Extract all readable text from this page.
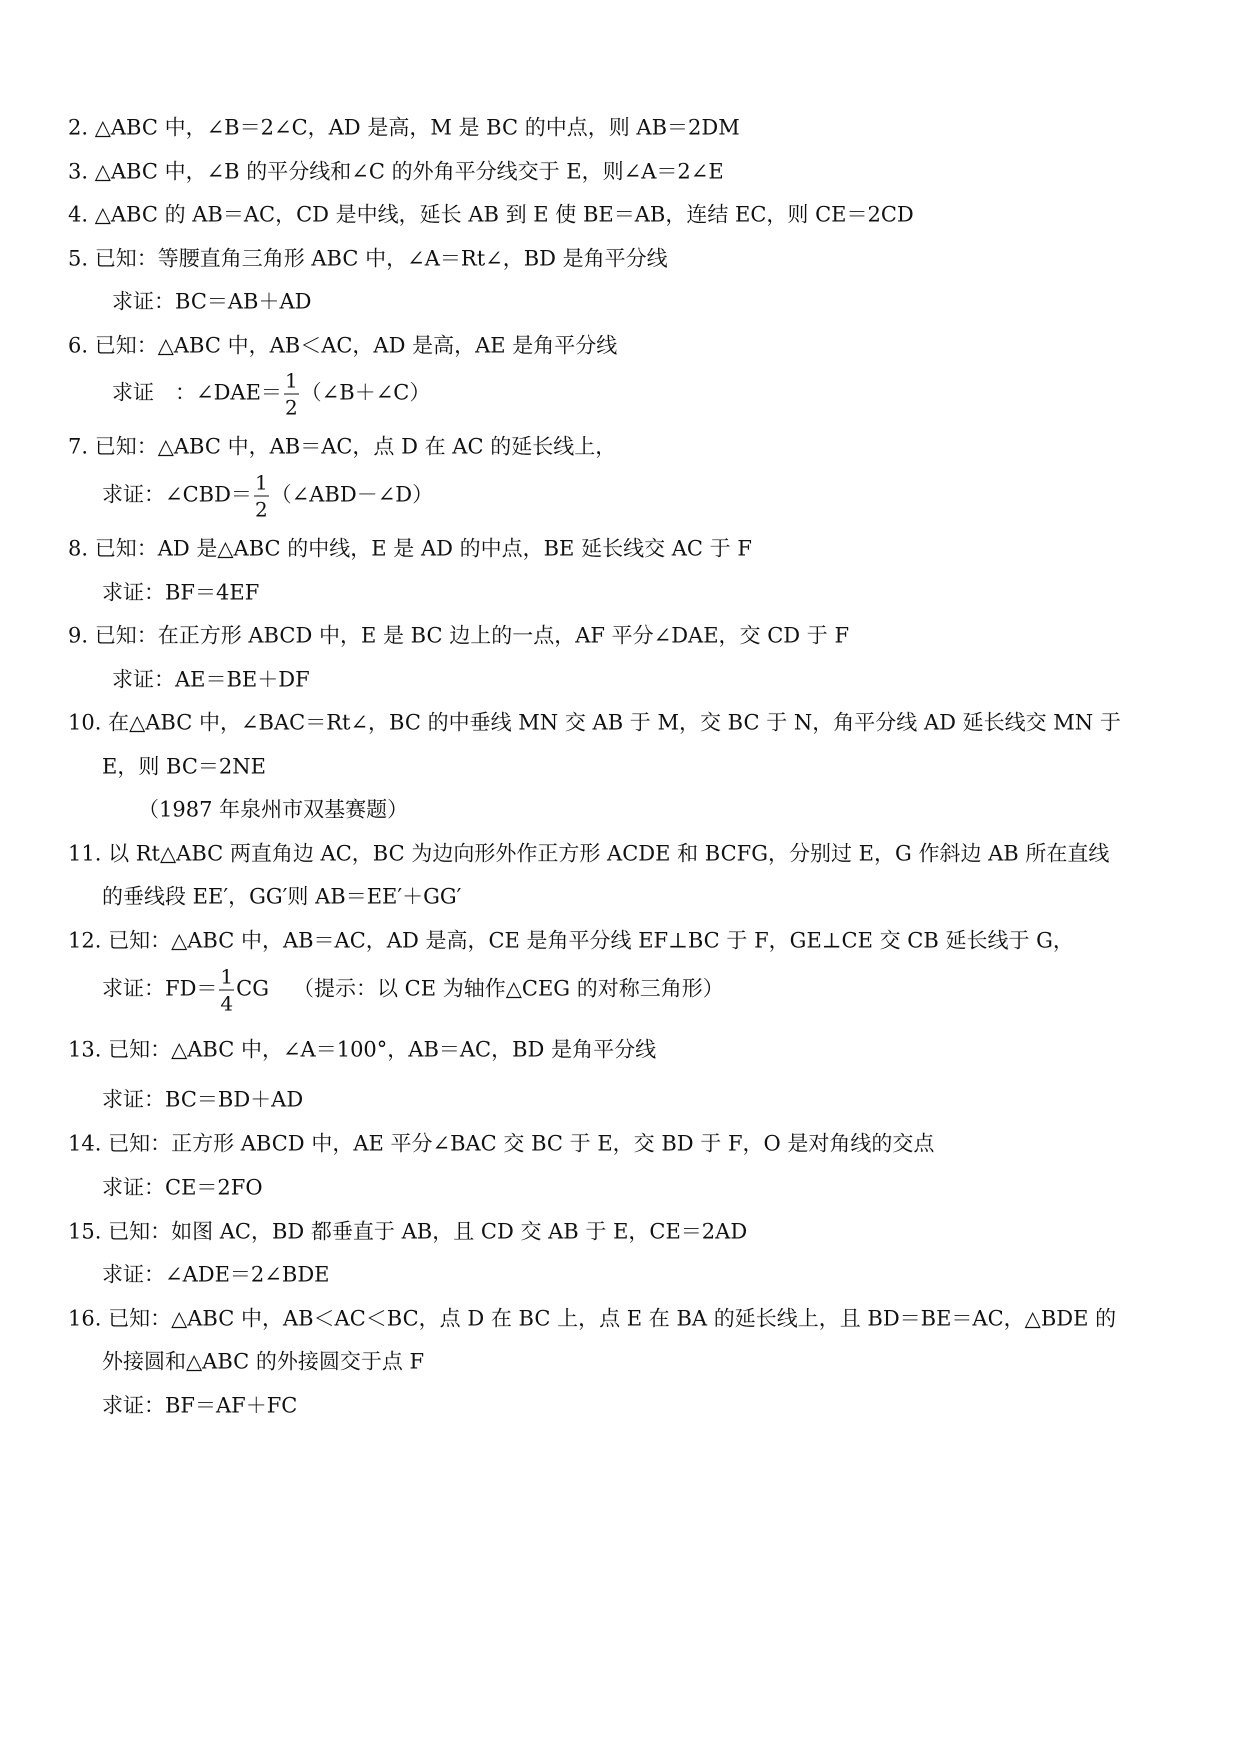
2. △ABC 中，∠B＝2∠C，AD 是高，M 是 BC 的中点，则 AB＝2DM
3. △ABC 中，∠B 的平分线和∠C 的外角平分线交于 E，则∠A＝2∠E
4. △ABC 的 AB＝AC，CD 是中线，延长 AB 到 E 使 BE＝AB，连结 EC，则 CE＝2CD
5. 已知：等腰直角三角形 ABC 中，∠A＝Rt∠，BD 是角平分线
求证：BC＝AB＋AD
6. 已知：△ABC 中，AB＜AC，AD 是高，AE 是角平分线
求证　：∠DAE＝ $\frac{1}{2}$ （∠B＋∠C）
7. 已知：△ABC 中，AB＝AC，点 D 在 AC 的延长线上，
求证：∠CBD＝ $\frac{1}{2}$ （∠ABD－∠D）
8. 已知：AD 是△ABC 的中线，E 是 AD 的中点，BE 延长线交 AC 于 F
求证：BF＝4EF
9. 已知：在正方形 ABCD 中，E 是 BC 边上的一点，AF 平分∠DAE，交 CD 于 F
求证：AE＝BE＋DF
10. 在△ABC 中，∠BAC＝Rt∠，BC 的中垂线 MN 交 AB 于 M，交 BC 于 N，角平分线 AD 延长线交 MN 于
E，则 BC＝2NE
（1987 年泉州市双基赛题）
11. 以 Rt△ABC 两直角边 AC，BC 为边向形外作正方形 ACDE 和 BCFG，分别过 E，G 作斜边 AB 所在直线
的垂线段 EE′，GG′则 AB＝EE′＋GG′
12. 已知：△ABC 中，AB＝AC，AD 是高，CE 是角平分线 EF⊥BC 于 F，GE⊥CE 交 CB 延长线于 G，
求证：$FD= \frac{1}{4}$ CG （提示：以 CE 为轴作△CEG 的对称三角形）
13. 已知：△ABC 中，∠A＝100°，AB＝AC，BD 是角平分线
求证：BC＝BD＋AD
14. 已知：正方形 ABCD 中，AE 平分∠BAC 交 BC 于 E，交 BD 于 F，O 是对角线的交点
求证：CE＝2FO
15. 已知：如图 AC，BD 都垂直于 AB，且 CD 交 AB 于 E，CE＝2AD
求证：∠ADE＝2∠BDE
16. 已知：△ABC 中，AB＜AC＜BC，点 D 在 BC 上，点 E 在 BA 的延长线上，且 BD＝BE＝AC，△BDE 的
外接圆和△ABC 的外接圆交于点 F
求证：BF＝AF＋FC
